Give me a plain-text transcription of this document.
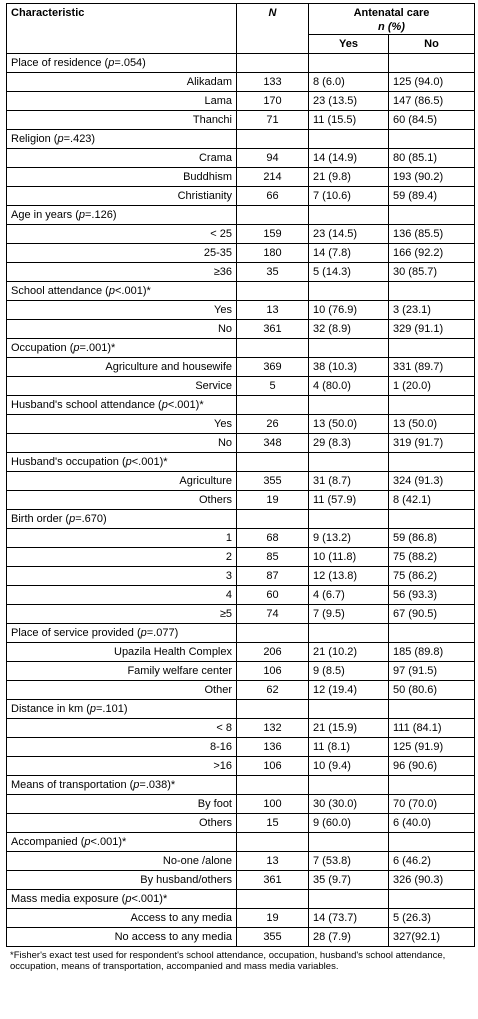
Characteristic	N	Antenatal care
n (%)	

		Yes	No
Place of residence (p=.054)			
Alikadam	133	8 (6.0)	125 (94.0)
Lama	170	23 (13.5)	147 (86.5)
Thanchi	71	11 (15.5)	60 (84.5)
Religion (p=.423)			
Crama	94	14 (14.9)	80 (85.1)
Buddhism	214	21 (9.8)	193 (90.2)
Christianity	66	7 (10.6)	59 (89.4)
Age in years (p=.126)			
< 25	159	23 (14.5)	136 (85.5)
25-35	180	14 (7.8)	166 (92.2)
≥36	35	5 (14.3)	30 (85.7)
School attendance (p<.001)*			
Yes	13	10 (76.9)	3 (23.1)
No	361	32 (8.9)	329 (91.1)
Occupation (p=.001)*			
Agriculture and housewife	369	38 (10.3)	331 (89.7)
Service	5	4 (80.0)	1 (20.0)
Husband's school attendance (p<.001)*			
Yes	26	13 (50.0)	13 (50.0)
No	348	29 (8.3)	319 (91.7)
Husband's occupation (p<.001)*			
Agriculture	355	31 (8.7)	324 (91.3)
Others	19	11 (57.9)	8 (42.1)
Birth order (p=.670)			
1	68	9 (13.2)	59 (86.8)
2	85	10 (11.8)	75 (88.2)
3	87	12 (13.8)	75 (86.2)
4	60	4 (6.7)	56 (93.3)
≥5	74	7 (9.5)	67 (90.5)
Place of service provided (p=.077)			
Upazila Health Complex	206	21 (10.2)	185 (89.8)
Family welfare center	106	9 (8.5)	97 (91.5)
Other	62	12 (19.4)	50 (80.6)
Distance in km (p=.101)			
< 8	132	21 (15.9)	111 (84.1)
8-16	136	11 (8.1)	125 (91.9)
>16	106	10 (9.4)	96 (90.6)
Means of transportation (p=.038)*			
By foot	100	30 (30.0)	70 (70.0)
Others	15	9 (60.0)	6 (40.0)
Accompanied (p<.001)*			
No-one /alone	13	7 (53.8)	6 (46.2)
By husband/others	361	35 (9.7)	326 (90.3)
Mass media exposure (p<.001)*			
Access to any media	19	14 (73.7)	5 (26.3)
No access to any media	355	28 (7.9)	327(92.1)
*Fisher's exact test used for respondent's school attendance, occupation, husband's school attendance, occupation, means of transportation, accompanied and mass media variables.
